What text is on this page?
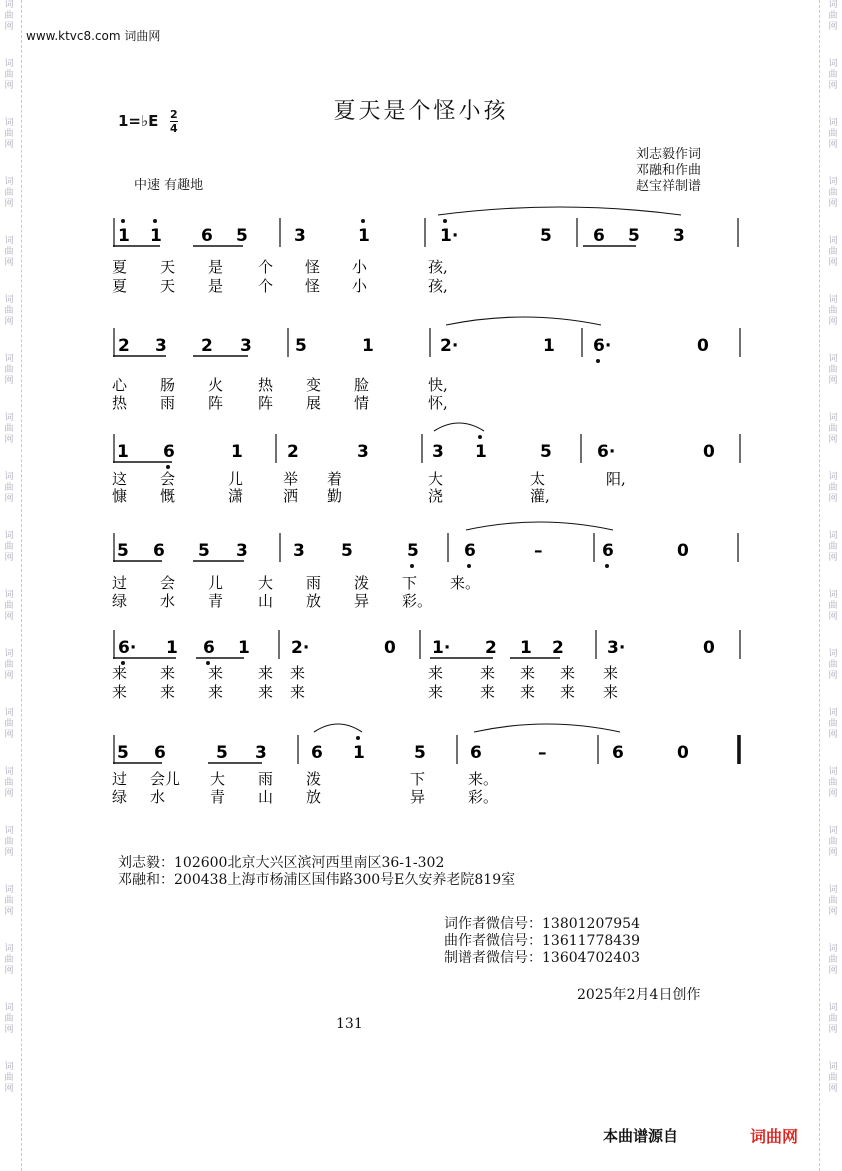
词
曲
网
词
曲
网
词
曲
网
词
曲
网
词
曲
网
词
曲
网
词
曲
网
词
曲
网
词
曲
网
词
曲
网
词
曲
网
词
曲
网
词
曲
网
词
曲
网
词
曲
网
词
曲
网
词
曲
网
词
曲
网
词
曲
网
词
曲
网
词
曲
网
词
曲
网
词
曲
网
词
曲
网
词
曲
网
词
曲
网
词
曲
网
词
曲
网
词
曲
网
词
曲
网
词
曲
网
词
曲
网
词
曲
网
词
曲
网
词
曲
网
词
曲
网
词
曲
网
词
曲
网
www.ktvc8.com 词曲网
夏天是个怪小孩
1=♭E 2
4
中速 有趣地
刘志毅作词
邓融和作曲
赵宝祥制谱
1 1 6 5	3	1	1·	5 6 5 3
夏 天 是 个 怪 小	孩,
夏 天 是 个 怪 小	孩,
2 3 2 3	5	1	2·	1 6·	0
心 肠 火 热 变 脸	快,
热 雨 阵 阵 展 情	怀,
1 6	1	2	3	3 1	5	6·	0
这 会	儿	举 着	大	太	阳,
慷 慨	潇	洒 勤	浇	灌,
5 6 5 3	3 5	5	6	–	6	0
过 会 儿 大 雨 泼 下 来。
绿 水 青 山 放 异 彩。
6· 1 6 1 2·	0 1· 2 1 2	3·	0
来 来 来 来 来	来 来 来 来 来
来 来 来 来 来	来 来 来 来 来
5 6	5 3	6 1	5	6	–	6	0
过 会儿 大 雨 泼	下	来。
绿 水	青 山 放	异	彩。
刘志毅：102600北京大兴区滨河西里南区36-1-302
邓融和：200438上海市杨浦区国伟路300号E久安养老院819室
词作者微信号：13801207954
曲作者微信号：13611778439
制谱者微信号：13604702403
2025年2月4日创作
131
本曲谱源自	词曲网
